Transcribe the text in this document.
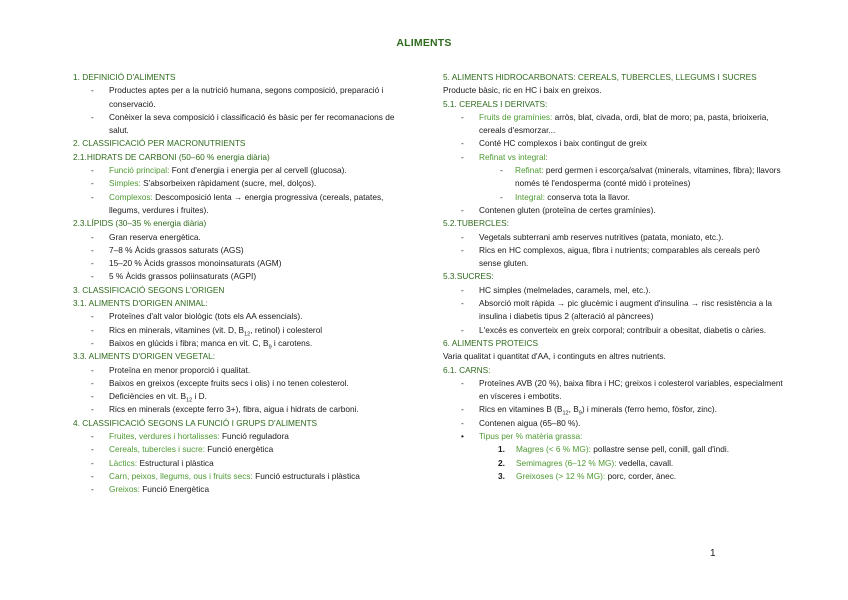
ALIMENTS
1. DEFINICIÓ D'ALIMENTS
- Productes aptes per a la nutrició humana, segons composició, preparació i conservació.
- Conèixer la seva composició i classificació és bàsic per fer recomanacions de salut.
2. CLASSIFICACIÓ PER MACRONUTRIENTS
2.1.HIDRATS DE CARBONI (50–60 % energia diària)
- Funció principal: Font d'energia i energia per al cervell (glucosa).
- Simples: S'absorbeixen ràpidament (sucre, mel, dolços).
- Complexos: Descomposició lenta → energia progressiva (cereals, patates, llegums, verdures i fruites).
2.3.LÍPIDS (30–35 % energia diària)
- Gran reserva energètica.
- 7–8 % Àcids grassos saturats (AGS)
- 15–20 % Àcids grassos monoinsaturats (AGM)
- 5 % Àcids grassos poliinsaturats (AGPI)
3. CLASSIFICACIÓ SEGONS L'ORIGEN
3.1. ALIMENTS D'ORIGEN ANIMAL:
- Proteïnes d'alt valor biològic (tots els AA essencials).
- Rics en minerals, vitamines (vit. D, $B_{12}$, retinol) i colesterol
- Baixos en glúcids i fibra; manca en vit. C, $B_9$ i carotens.
3.3. ALIMENTS D'ORIGEN VEGETAL:
- Proteïna en menor proporció i qualitat.
- Baixos en greixos (excepte fruits secs i olis) i no tenen colesterol.
- Deficiències en vit. $B_{12}$ i D.
- Rics en minerals (excepte ferro 3+), fibra, aigua i hidrats de carboni.
4. CLASSIFICACIÓ SEGONS LA FUNCIÓ I GRUPS D'ALIMENTS
- Fruites, verdures i hortalisses: Funció reguladora
- Cereals, tubercles i sucre: Funció energètica
- Làctics: Estructural i plàstica
- Carn, peixos, llegums, ous i fruits secs: Funció estructurals i plàstica
- Greixos: Funció Energètica
5. ALIMENTS HIDROCARBONATS: CEREALS, TUBERCLES, LLEGUMS I SUCRES
Producte bàsic, ric en HC i baix en greixos.
5.1. CEREALS I DERIVATS:
- Fruits de gramínies: arròs, blat, civada, ordi, blat de moro; pa, pasta, brioixeria, cereals d'esmorzar...
- Conté HC complexos i baix contingut de greix
- Refinat vs integral:
- Refinat: perd germen i escorça/salvat (minerals, vitamines, fibra); llavors només té l'endosperma (conté midó i proteïnes)
- Integral: conserva tota la llavor.
- Contenen gluten (proteïna de certes gramínies).
5.2.TUBERCLES:
- Vegetals subterrani amb reserves nutritives (patata, moniato, etc.).
- Rics en HC complexos, aigua, fibra i nutrients; comparables als cereals però sense gluten.
5.3.SUCRES:
- HC simples (melmelades, caramels, mel, etc.).
- Absorció molt ràpida → pic glucèmic i augment d'insulina → risc resistència a la insulina i diabetis tipus 2 (alteració al pàncrees)
- L'excés es converteix en greix corporal; contribuir a obesitat, diabetis o càries.
6. ALIMENTS PROTEICS
Varia qualitat i quantitat d'AA, i continguts en altres nutrients.
6.1. CARNS:
- Proteïnes AVB (20 %), baixa fibra i HC; greixos i colesterol variables, especialment en vísceres i embotits.
- Rics en vitamines B ($B_{12}$, $B_9$) i minerals (ferro hemo, fòsfor, zinc).
- Contenen aigua (65–80 %).
• Tipus per % matèria grassa:
1. Magres (< 6 % MG): pollastre sense pell, conill, gall d'indi.
2. Semimagres (6–12 % MG): vedella, cavall.
3. Greixoses (> 12 % MG): porc, corder, ànec.
1
